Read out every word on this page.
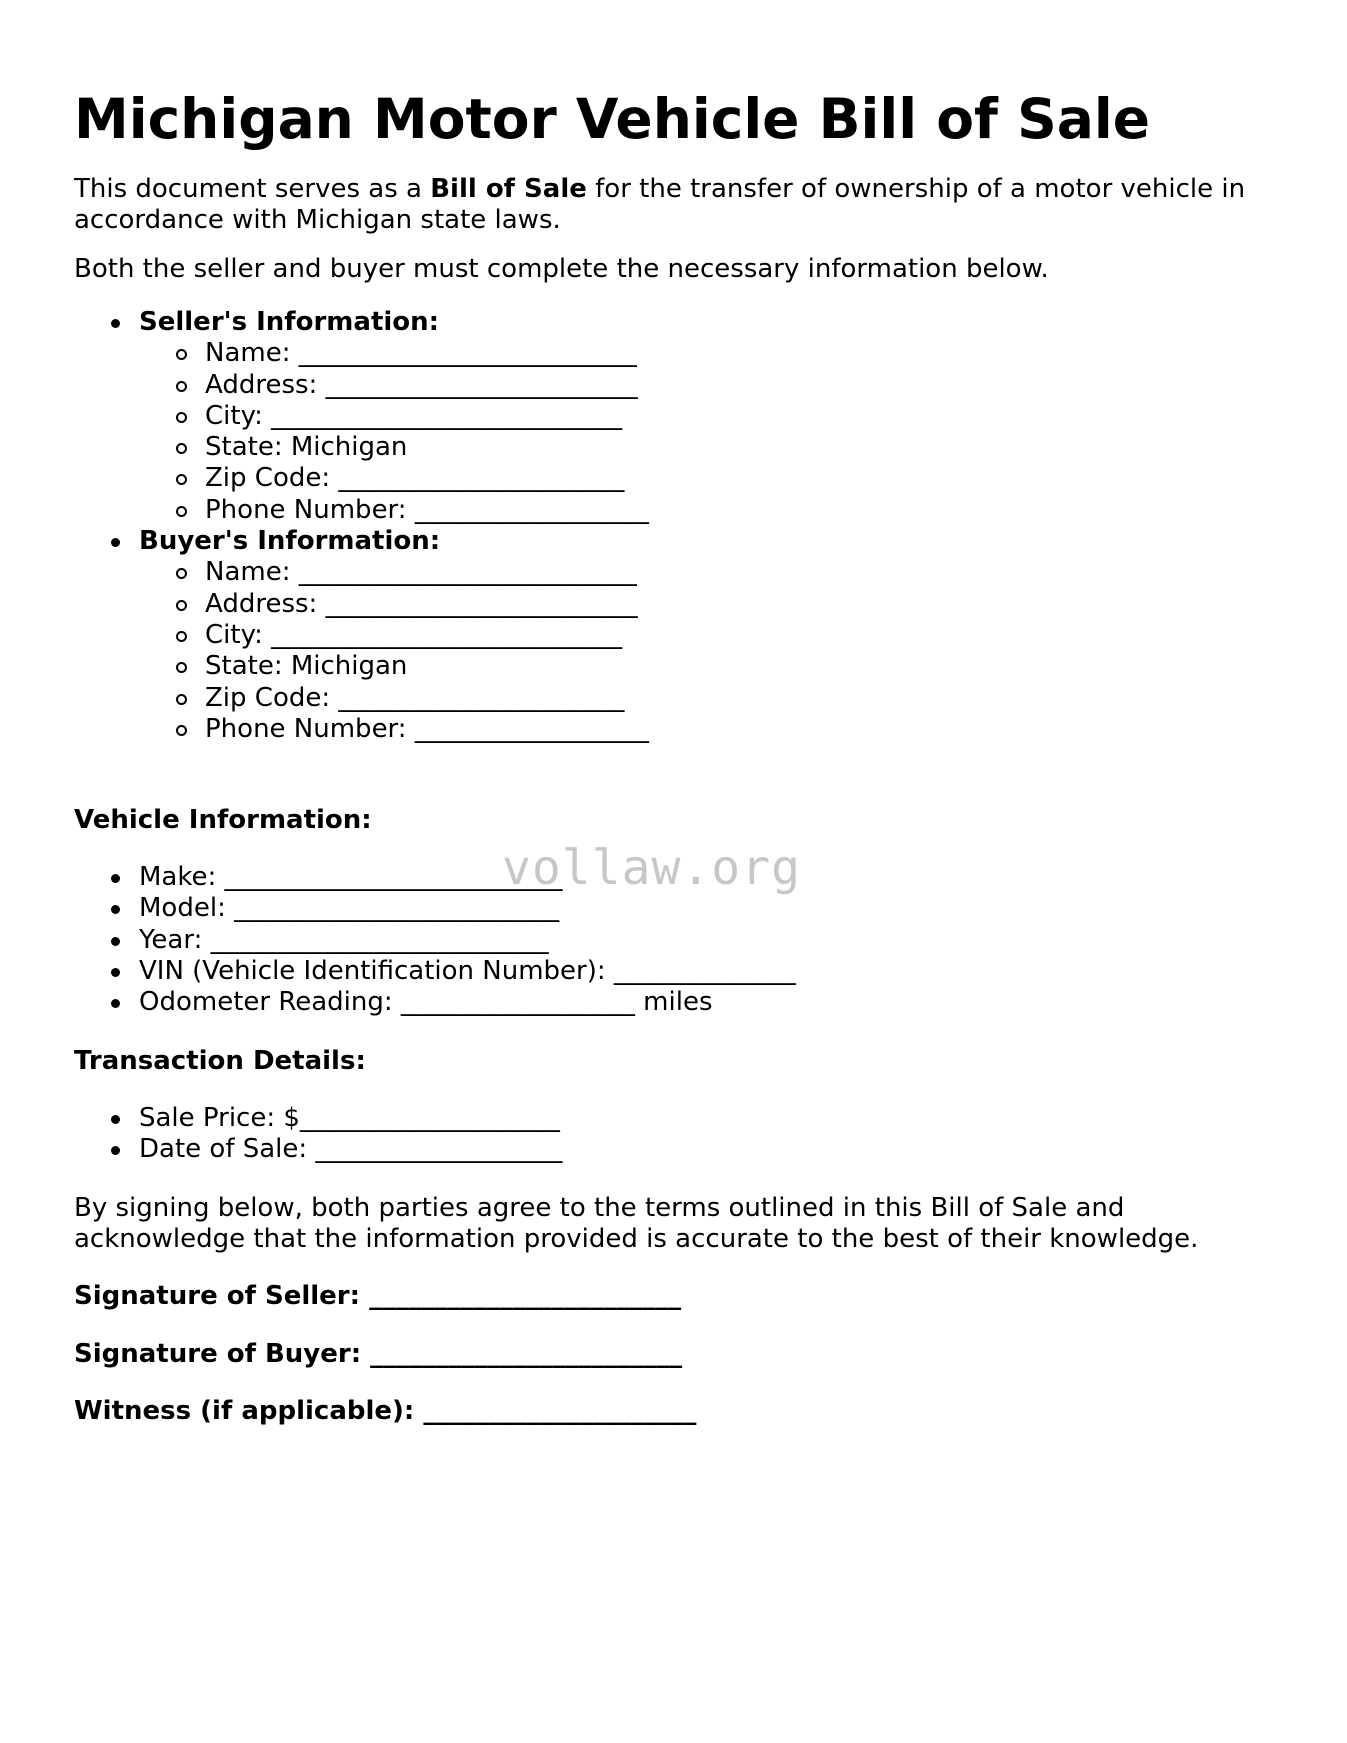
Michigan Motor Vehicle Bill of Sale

This document serves as a Bill of Sale for the transfer of ownership of a motor vehicle in accordance with Michigan state laws.

Both the seller and buyer must complete the necessary information below.

Seller's Information:
Name: __________________________
Address: ________________________
City: ___________________________
State: Michigan
Zip Code: ______________________
Phone Number: __________________
Buyer's Information:
Name: __________________________
Address: ________________________
City: ___________________________
State: Michigan
Zip Code: ______________________
Phone Number: __________________

Vehicle Information:

Make: __________________________
Model: _________________________
Year: __________________________
VIN (Vehicle Identification Number): ______________
Odometer Reading: __________________ miles

Transaction Details:

Sale Price: $____________________
Date of Sale: ___________________

By signing below, both parties agree to the terms outlined in this Bill of Sale and acknowledge that the information provided is accurate to the best of their knowledge.

Signature of Seller: ________________________

Signature of Buyer: ________________________

Witness (if applicable): _____________________

vollaw.org
